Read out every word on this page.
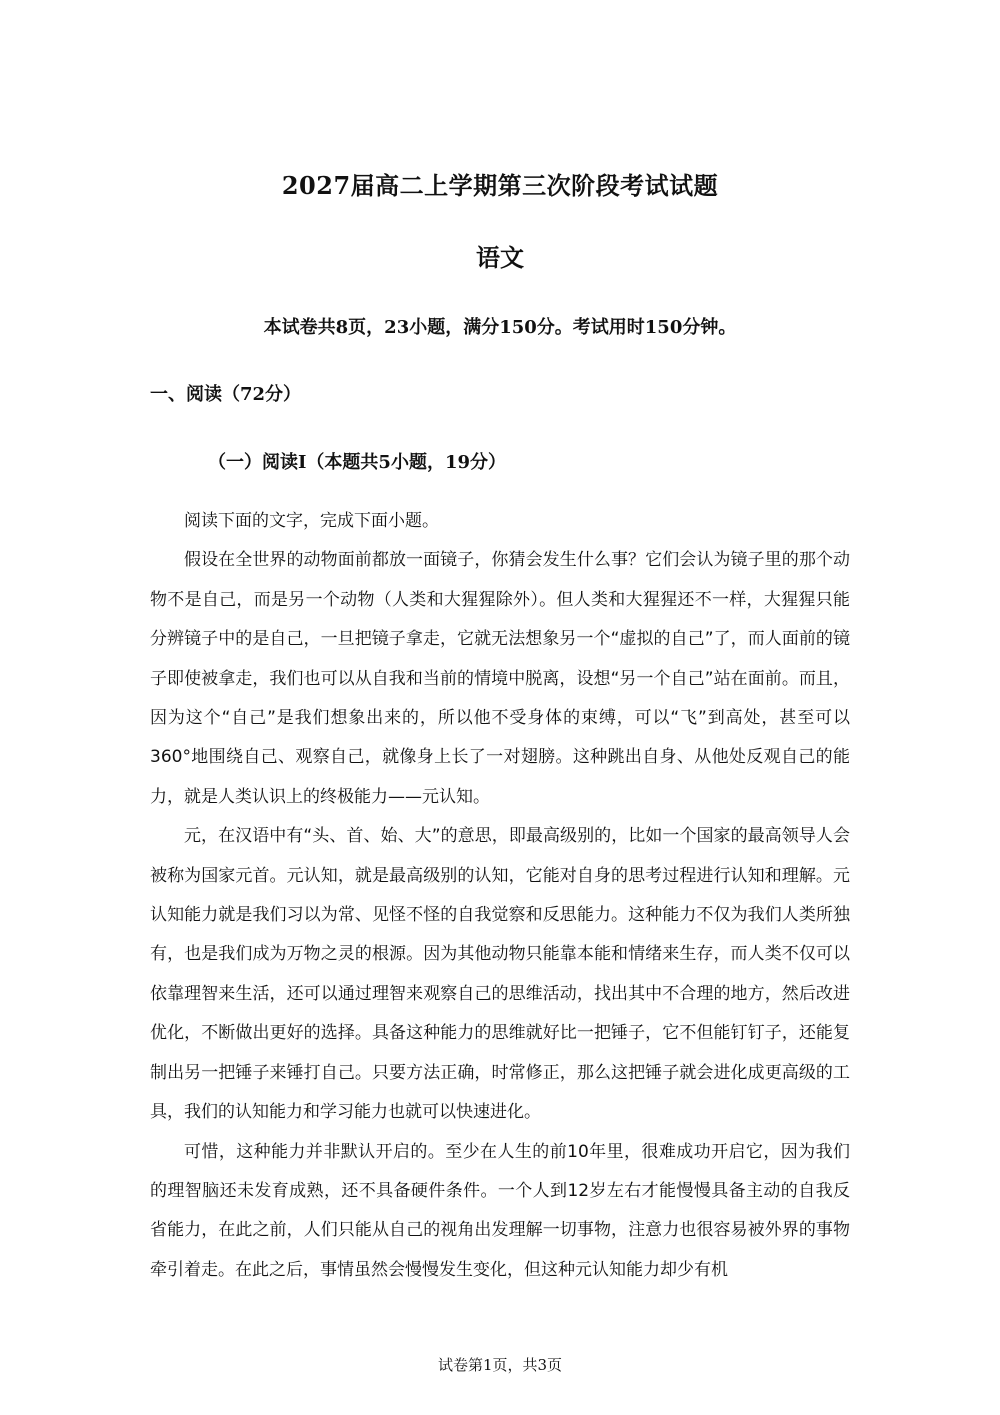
2027届高二上学期第三次阶段考试试题
语文
本试卷共8页，23小题，满分150分。考试用时150分钟。
一、阅读（72分）
（一）阅读I（本题共5小题，19分）

阅读下面的文字，完成下面小题。

假设在全世界的动物面前都放一面镜子，你猜会发生什么事？它们会认为镜子里的那个动物不是自己，而是另一个动物（人类和大猩猩除外）。但人类和大猩猩还不一样，大猩猩只能分辨镜子中的是自己，一旦把镜子拿走，它就无法想象另一个“虚拟的自己”了，而人面前的镜子即使被拿走，我们也可以从自我和当前的情境中脱离，设想“另一个自己”站在面前。而且，因为这个“自己”是我们想象出来的，所以他不受身体的束缚，可以“飞”到高处，甚至可以360°地围绕自己、观察自己，就像身上长了一对翅膀。这种跳出自身、从他处反观自己的能力，就是人类认识上的终极能力——元认知。

元，在汉语中有“头、首、始、大”的意思，即最高级别的，比如一个国家的最高领导人会被称为国家元首。元认知，就是最高级别的认知，它能对自身的思考过程进行认知和理解。元认知能力就是我们习以为常、见怪不怪的自我觉察和反思能力。这种能力不仅为我们人类所独有，也是我们成为万物之灵的根源。因为其他动物只能靠本能和情绪来生存，而人类不仅可以依靠理智来生活，还可以通过理智来观察自己的思维活动，找出其中不合理的地方，然后改进优化，不断做出更好的选择。具备这种能力的思维就好比一把锤子，它不但能钉钉子，还能复制出另一把锤子来锤打自己。只要方法正确，时常修正，那么这把锤子就会进化成更高级的工具，我们的认知能力和学习能力也就可以快速进化。

可惜，这种能力并非默认开启的。至少在人生的前10年里，很难成功开启它，因为我们的理智脑还未发育成熟，还不具备硬件条件。一个人到12岁左右才能慢慢具备主动的自我反省能力，在此之前，人们只能从自己的视角出发理解一切事物，注意力也很容易被外界的事物牵引着走。在此之后，事情虽然会慢慢发生变化，但这种元认知能力却少有机

试卷第1页，共3页
